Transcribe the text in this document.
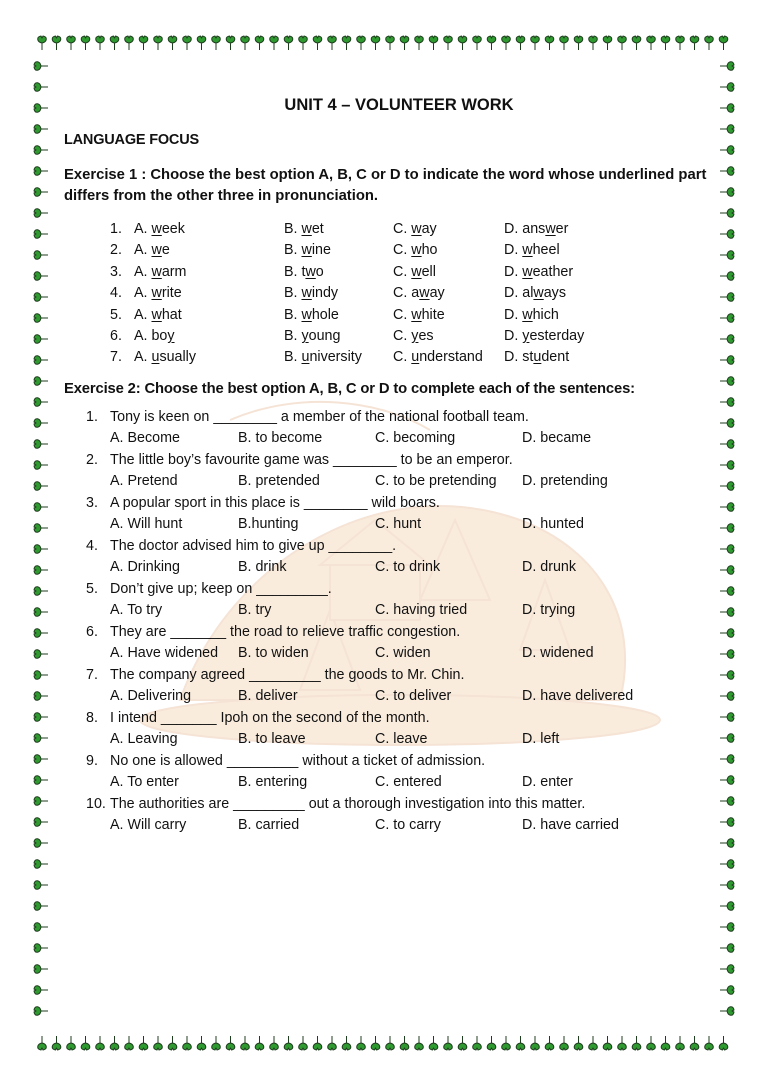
UNIT 4 – VOLUNTEER WORK
LANGUAGE FOCUS
Exercise 1 : Choose the best option A, B, C or D to indicate the word whose underlined part differs from the other three in pronunciation.
1. A. week	B. wet	C. way	D. answer
2. A. we	B. wine	C. who	D. wheel
3. A. warm	B. two	C. well	D. weather
4. A. write	B. windy	C. away	D. always
5. A. what	B. whole	C. white	D. which
6. A. boy	B. young	C. yes	D. yesterday
7. A. usually	B. university	C. understand	D. student
Exercise 2: Choose the best option A, B, C or D to complete each of the sentences:
1. Tony is keen on ________ a member of the national football team.
A. Become	B. to become	C. becoming	D. became
2. The little boy’s favourite game was ________ to be an emperor.
A. Pretend	B. pretended	C. to be pretending	D. pretending
3. A popular sport in this place is ________ wild boars.
A. Will hunt	B.hunting	C. hunt	D. hunted
4. The doctor advised him to give up ________.
A. Drinking	B. drink	C. to drink	D. drunk
5. Don’t give up; keep on _________.
A. To try	B. try	C. having tried	D. trying
6. They are _______ the road to relieve traffic congestion.
A. Have widened	B. to widen	C. widen	D. widened
7. The company agreed _________ the goods to Mr. Chin.
A. Delivering	B. deliver	C. to deliver	D. have delivered
8. I intend _______ Ipoh on the second of the month.
A. Leaving	B. to leave	C. leave	D. left
9. No one is allowed _________ without a ticket of admission.
A. To enter	B. entering	C. entered	D. enter
10. The authorities are _________ out a thorough investigation into this matter.
A. Will carry	B. carried	C. to carry	D. have carried
